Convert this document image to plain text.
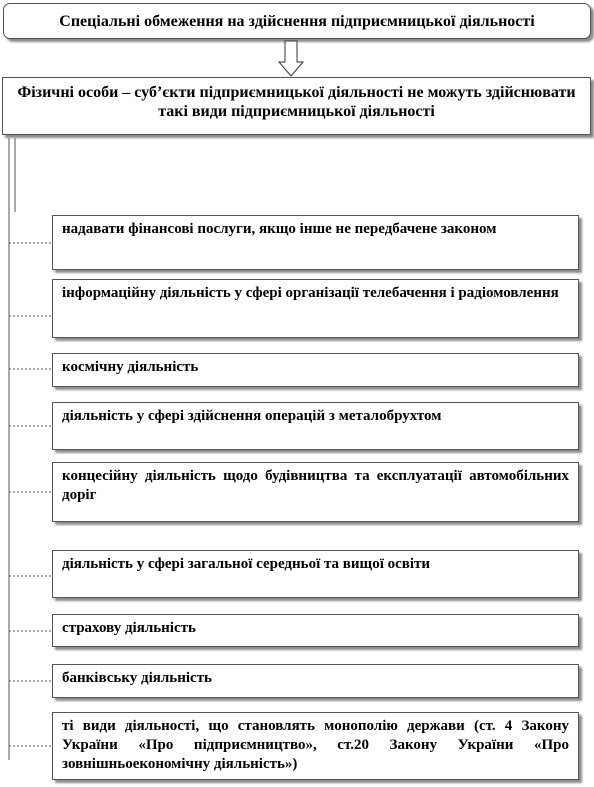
Спеціальні обмеження на здійснення підприємницької діяльності
Фізичні особи – суб’єкти підприємницької діяльності не можуть здійснювати такі види підприємницької діяльності
надавати фінансові послуги, якщо інше не передбачене законом
інформаційну діяльність у сфері організації телебачення і радіомовлення
космічну діяльність
діяльність у сфері здійснення операцій з металобрухтом
концесійну діяльність щодо будівництва та експлуатації автомобільних доріг
діяльність у сфері загальної середньої та вищої освіти
страхову діяльність
банківську діяльність
ті види діяльності, що становлять монополію держави (ст. 4 Закону України «Про підприємництво», ст.20 Закону України «Про зовнішньоекономічну діяльність»)
